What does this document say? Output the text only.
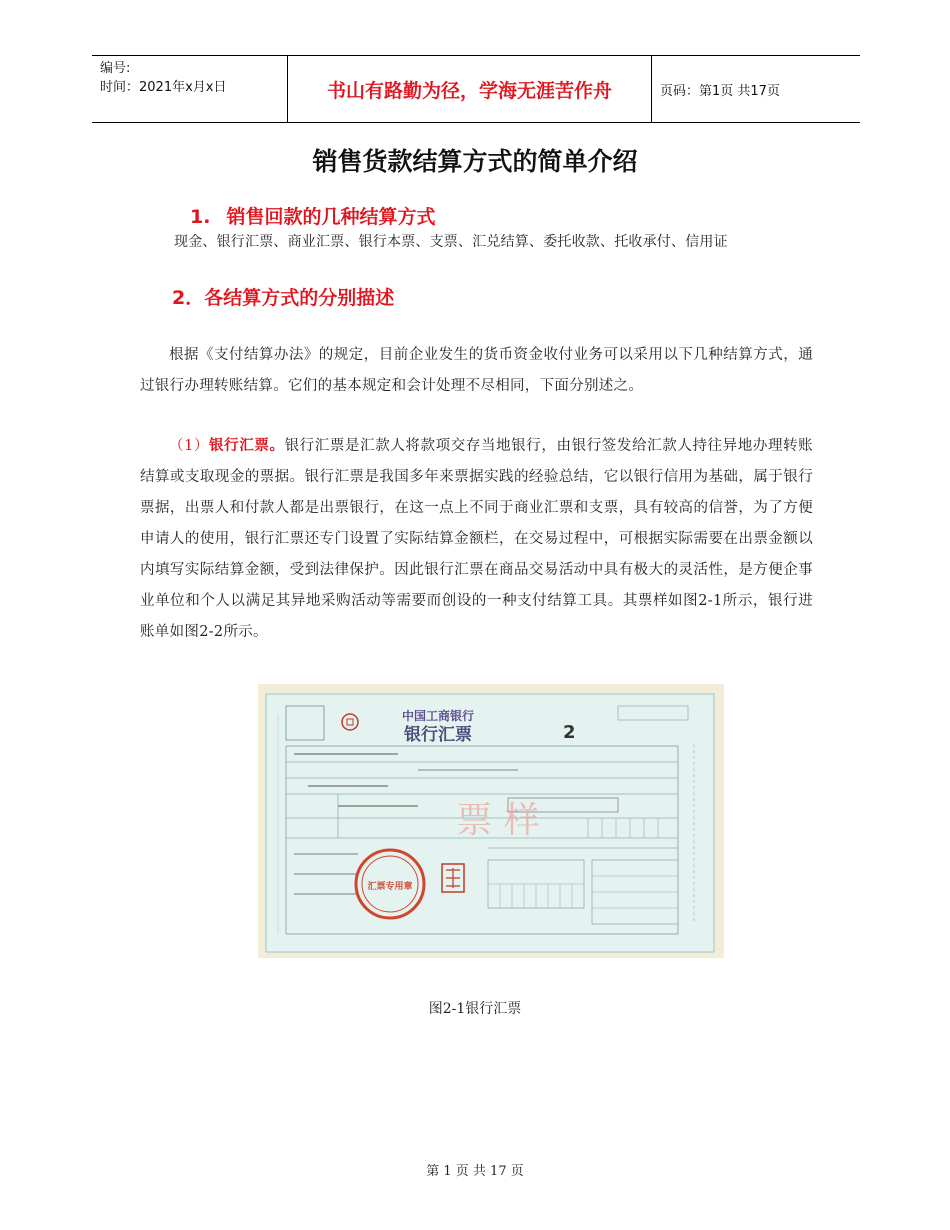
编号:
时间：2021年x月x日	书山有路勤为径，学海无涯苦作舟	页码：第1页 共17页
销售货款结算方式的简单介绍
1. 销售回款的几种结算方式
现金、银行汇票、商业汇票、银行本票、支票、汇兑结算、委托收款、托收承付、信用证
2．各结算方式的分别描述
根据《支付结算办法》的规定，目前企业发生的货币资金收付业务可以采用以下几种结算方式，通过银行办理转账结算。它们的基本规定和会计处理不尽相同，下面分别述之。
（1）银行汇票。银行汇票是汇款人将款项交存当地银行，由银行签发给汇款人持往异地办理转账结算或支取现金的票据。银行汇票是我国多年来票据实践的经验总结，它以银行信用为基础，属于银行票据，出票人和付款人都是出票银行，在这一点上不同于商业汇票和支票，具有较高的信誉，为了方便申请人的使用，银行汇票还专门设置了实际结算金额栏，在交易过程中，可根据实际需要在出票金额以内填写实际结算金额，受到法律保护。因此银行汇票在商品交易活动中具有极大的灵活性，是方便企事业单位和个人以满足其异地采购活动等需要而创设的一种支付结算工具。其票样如图2-1所示，银行进账单如图2-2所示。
中国工商银行
银行汇票	2
票 样
汇票专用章
图2-1银行汇票
第 1 页 共 17 页
